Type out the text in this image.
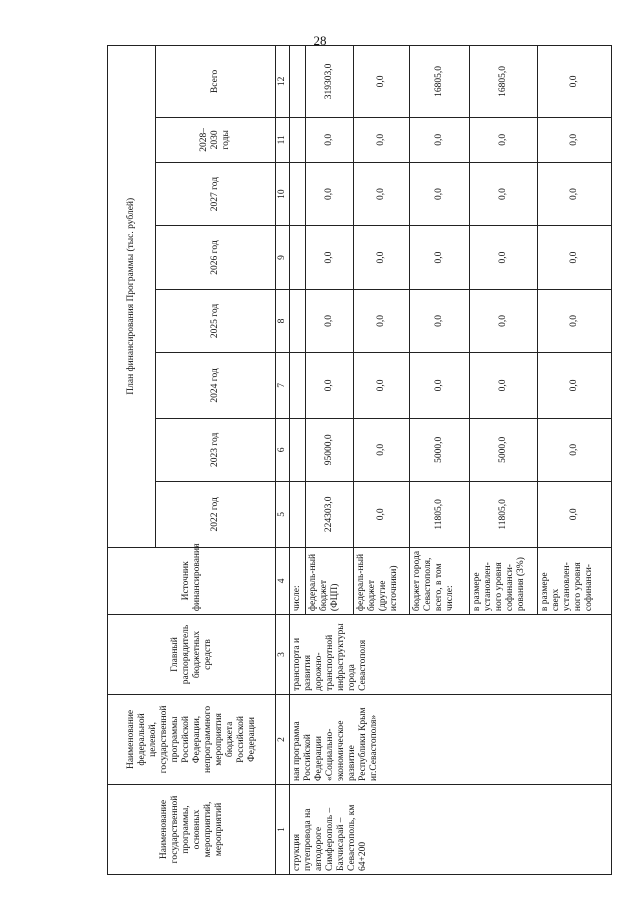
28
Наименование государственной программы, основных мероприятий, мероприятий	Наименование федеральной целевой, государственной программы Российской Федерации, непрограммного мероприятия бюджета Российской Федерации	Главный распорядитель бюджетных средств	Источник финансирования	План финансирования Программы (тыс. рублей)							
				2022 год	2023 год	2024 год	2025 год	2026 год	2027 год	2028–2030 годы	Всего
1	2	3	4	5	6	7	8	9	10	11	12
струкция путепровода на автодороге Симферополь – Бахчисарай – Севастополь, км 64+200	ная программа Российской Федерации «Социально-экономическое развитие Республики Крым иг.Севастополя»	транспорта и развития дорожно-транспортной инфраструктуры города Севастополя	числе:								
			федераль-ный бюджет (ФЦП)	224303,0	95000,0	0,0	0,0	0,0	0,0	0,0	319303,0
			федераль-ный бюджет (другие источники)	0,0	0,0	0,0	0,0	0,0	0,0	0,0	0,0
			бюджет города Севастополя, всего, в том числе:	11805,0	5000,0	0,0	0,0	0,0	0,0	0,0	16805,0
			в размере установлен-ного уровня софинанси-рования (3%)	11805,0	5000,0	0,0	0,0	0,0	0,0	0,0	16805,0
			в размере сверх установлен-ного уровня софинанси-	0,0	0,0	0,0	0,0	0,0	0,0	0,0	0,0
